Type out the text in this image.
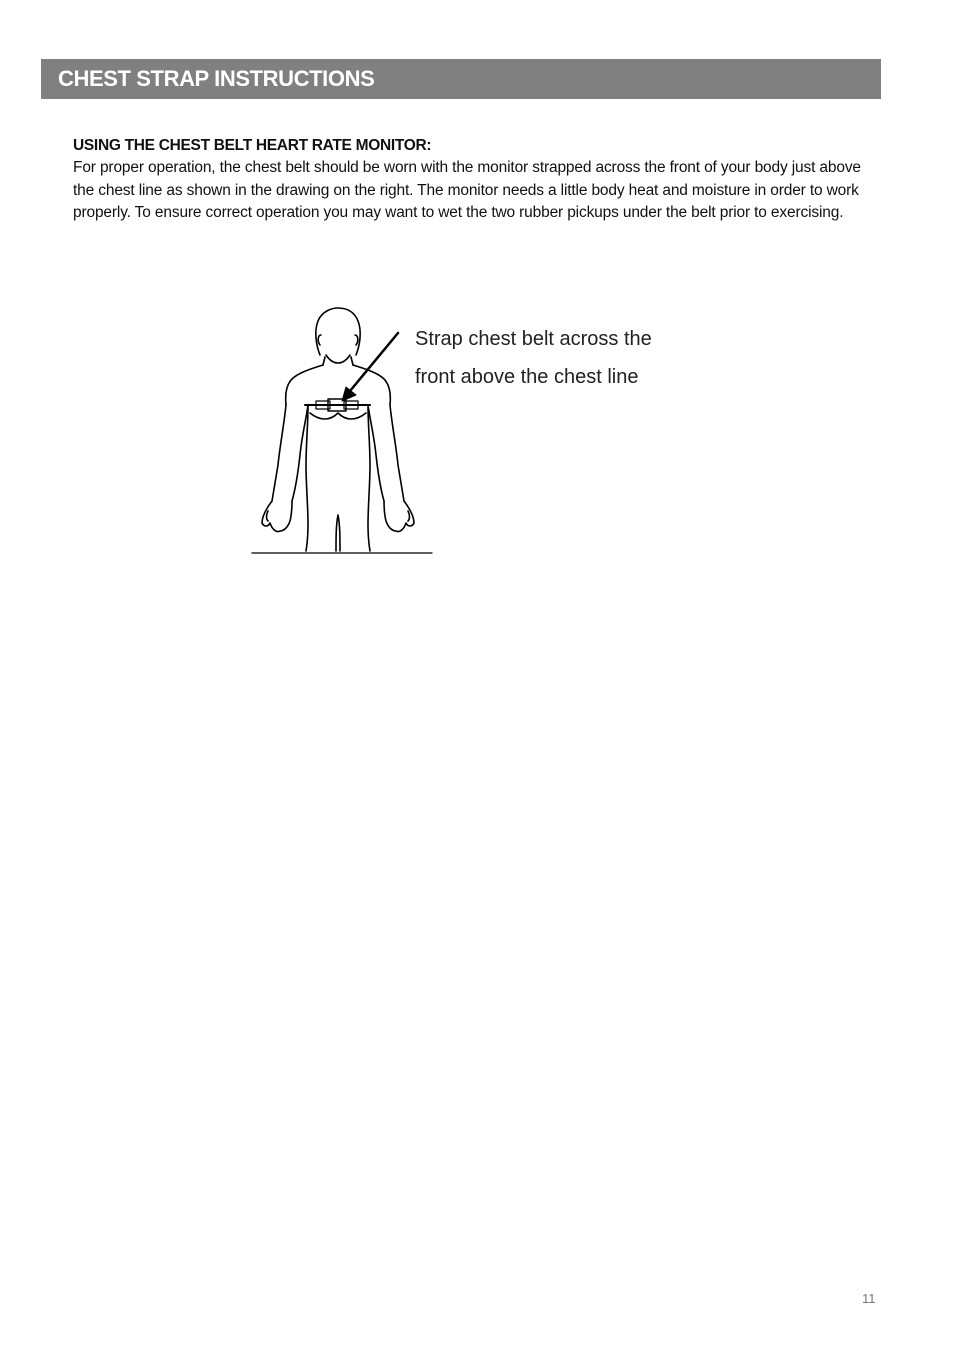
CHEST STRAP INSTRUCTIONS

USING THE CHEST BELT HEART RATE MONITOR:

For proper operation, the chest belt should be worn with the monitor strapped across the front of your body just above the chest line as shown in the drawing on the right. The monitor needs a little body heat and moisture in order to work properly. To ensure correct operation you may want to wet the two rubber pickups under the belt prior to exercising.

Strap chest belt across the
front above the chest line
11
